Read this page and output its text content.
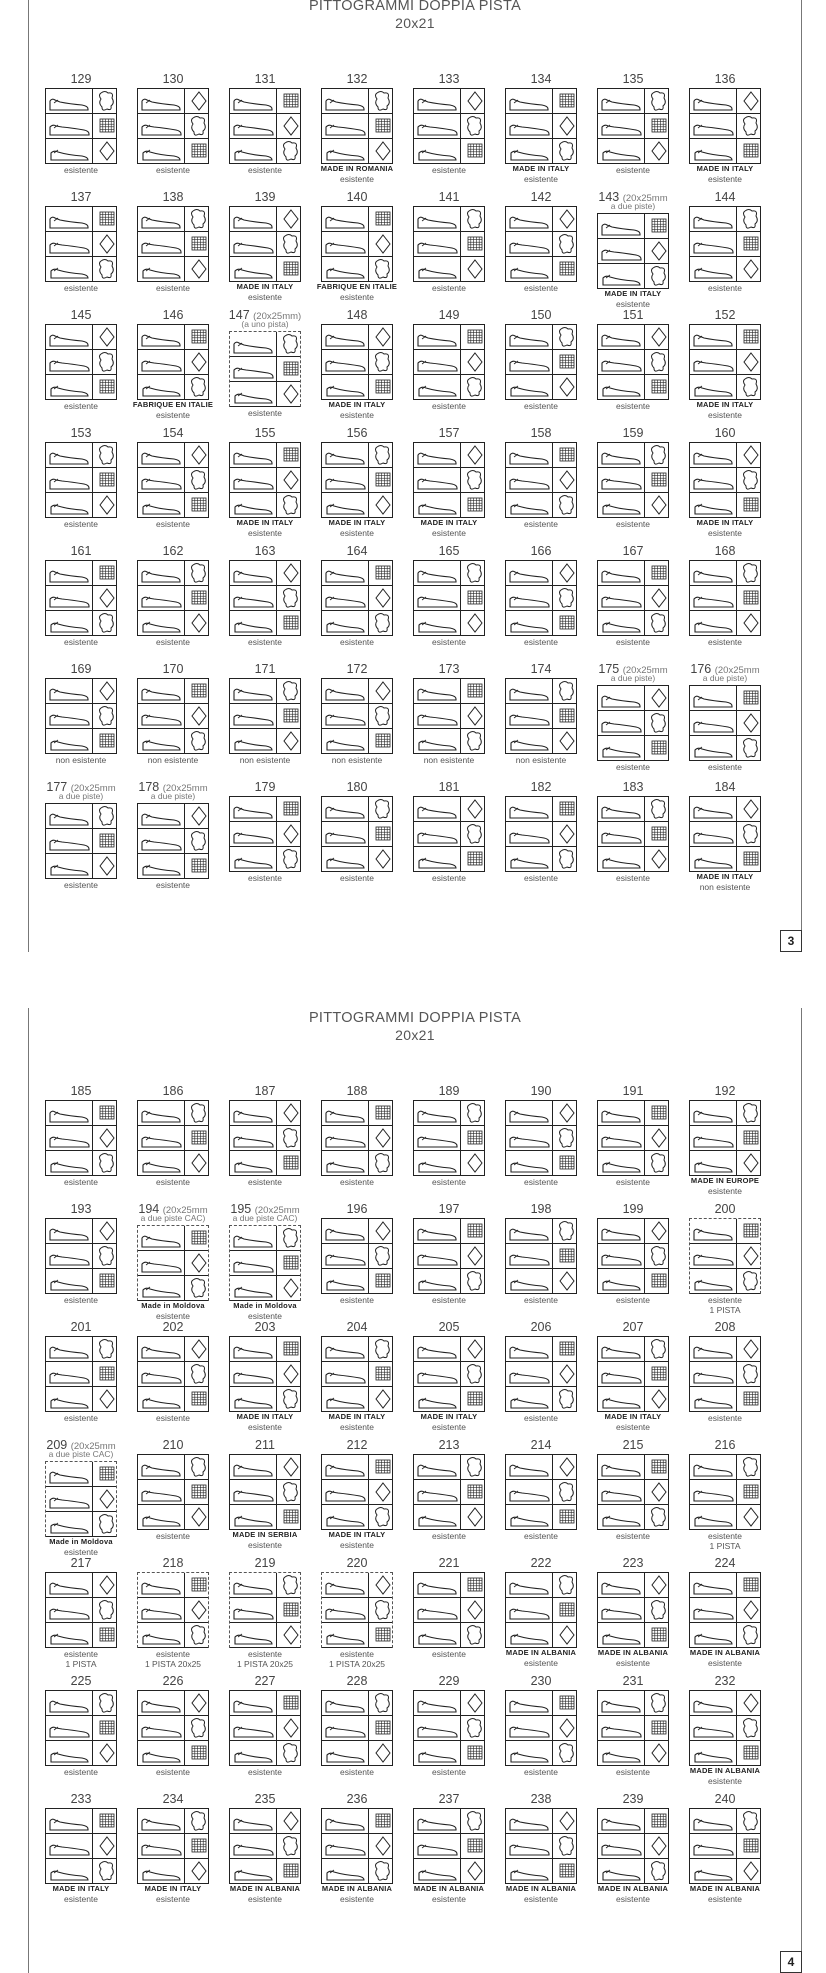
PITTOGRAMMI DOPPIA PISTA
20x21
129
esistente
130
esistente
131
esistente
132
MADE IN ROMANIA
esistente
133
esistente
134
MADE IN ITALY
esistente
135
esistente
136
MADE IN ITALY
esistente
137
esistente
138
esistente
139
MADE IN ITALY
esistente
140
FABRIQUE EN ITALIE
esistente
141
esistente
142
esistente
143 (20x25mm
a due piste)
MADE IN ITALY
esistente
144
esistente
145
esistente
146
FABRIQUE EN ITALIE
esistente
147 (20x25mm)
(a uno pista)
esistente
148
MADE IN ITALY
esistente
149
esistente
150
esistente
151
esistente
152
MADE IN ITALY
esistente
153
esistente
154
esistente
155
MADE IN ITALY
esistente
156
MADE IN ITALY
esistente
157
MADE IN ITALY
esistente
158
esistente
159
esistente
160
MADE IN ITALY
esistente
161
esistente
162
esistente
163
esistente
164
esistente
165
esistente
166
esistente
167
esistente
168
esistente
169
non esistente
170
non esistente
171
non esistente
172
non esistente
173
non esistente
174
non esistente
175 (20x25mm
a due piste)
esistente
176 (20x25mm
a due piste)
esistente
177 (20x25mm
a due piste)
esistente
178 (20x25mm
a due piste)
esistente
179
esistente
180
esistente
181
esistente
182
esistente
183
esistente
184
MADE IN ITALY
non esistente
3
PITTOGRAMMI DOPPIA PISTA
20x21
185
esistente
186
esistente
187
esistente
188
esistente
189
esistente
190
esistente
191
esistente
192
MADE IN EUROPE
esistente
193
esistente
194 (20x25mm
a due piste CAC)
Made in Moldova
esistente
195 (20x25mm
a due piste CAC)
Made in Moldova
esistente
196
esistente
197
esistente
198
esistente
199
esistente
200
esistente
1 PISTA
201
esistente
202
esistente
203
MADE IN ITALY
esistente
204
MADE IN ITALY
esistente
205
MADE IN ITALY
esistente
206
esistente
207
MADE IN ITALY
esistente
208
esistente
209 (20x25mm
a due piste CAC)
Made in Moldova
esistente
210
esistente
211
MADE IN SERBIA
esistente
212
MADE IN ITALY
esistente
213
esistente
214
esistente
215
esistente
216
esistente
1 PISTA
217
esistente
1 PISTA
218
esistente
1 PISTA 20x25
219
esistente
1 PISTA 20x25
220
esistente
1 PISTA 20x25
221
esistente
222
MADE IN ALBANIA
esistente
223
MADE IN ALBANIA
esistente
224
MADE IN ALBANIA
esistente
225
esistente
226
esistente
227
esistente
228
esistente
229
esistente
230
esistente
231
esistente
232
MADE IN ALBANIA
esistente
233
MADE IN ITALY
esistente
234
MADE IN ITALY
esistente
235
MADE IN ALBANIA
esistente
236
MADE IN ALBANIA
esistente
237
MADE IN ALBANIA
esistente
238
MADE IN ALBANIA
esistente
239
MADE IN ALBANIA
esistente
240
MADE IN ALBANIA
esistente
4
